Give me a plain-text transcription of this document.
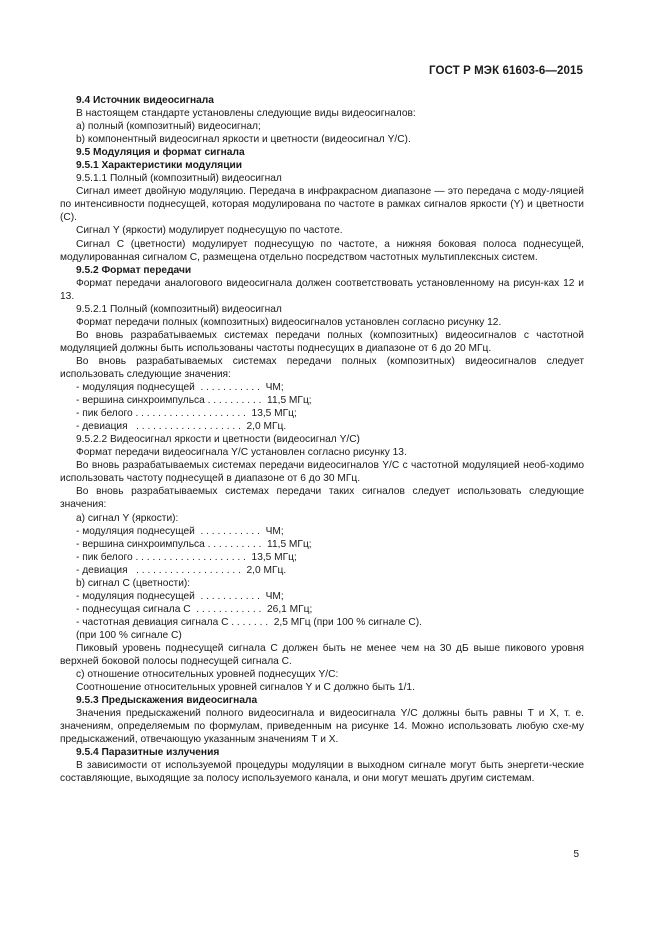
ГОСТ Р МЭК 61603-6—2015

9.4 Источник видеосигнала

В настоящем стандарте установлены следующие виды видеосигналов:

а) полный (композитный) видеосигнал;

b) компонентный видеосигнал яркости и цветности (видеосигнал Y/C).

9.5 Модуляция и формат сигнала

9.5.1 Характеристики модуляции

9.5.1.1 Полный (композитный) видеосигнал

Сигнал имеет двойную модуляцию. Передача в инфракрасном диапазоне — это передача с моду-ляцией по интенсивности поднесущей, которая модулирована по частоте в рамках сигналов яркости (Y) и цветности (C).

Сигнал Y (яркости) модулирует поднесущую по частоте.

Сигнал C (цветности) модулирует поднесущую по частоте, а нижняя боковая полоса поднесущей, модулированная сигналом C, размещена отдельно посредством частотных мультиплексных систем.

9.5.2 Формат передачи

Формат передачи аналогового видеосигнала должен соответствовать установленному на рисун-ках 12 и 13.

9.5.2.1 Полный (композитный) видеосигнал

Формат передачи полных (композитных) видеосигналов установлен согласно рисунку 12.

Во вновь разрабатываемых системах передачи полных (композитных) видеосигналов с частотной модуляцией должны быть использованы частоты поднесущих в диапазоне от 6 до 20 МГц.

Во вновь разрабатываемых системах передачи полных (композитных) видеосигналов следует использовать следующие значения:

- модуляция поднесущей  . . . . . . . . . . .  ЧМ;

- вершина синхроимпульса . . . . . . . . . .  11,5 МГц;

- пик белого . . . . . . . . . . . . . . . . . . . .  13,5 МГц;

- девиация   . . . . . . . . . . . . . . . . . . .  2,0 МГц.

9.5.2.2 Видеосигнал яркости и цветности (видеосигнал Y/C)

Формат передачи видеосигнала Y/C установлен согласно рисунку 13.

Во вновь разрабатываемых системах передачи видеосигналов Y/C с частотной модуляцией необ-ходимо использовать частоту поднесущей в диапазоне от 6 до 30 МГц.

Во вновь разрабатываемых системах передачи таких сигналов следует использовать следующие значения:

а) сигнал Y (яркости):

- модуляция поднесущей  . . . . . . . . . . .  ЧМ;

- вершина синхроимпульса . . . . . . . . . .  11,5 МГц;

- пик белого . . . . . . . . . . . . . . . . . . . .  13,5 МГц;

- девиация   . . . . . . . . . . . . . . . . . . .  2,0 МГц.

b) сигнал C (цветности):

- модуляция поднесущей  . . . . . . . . . . .  ЧМ;

- поднесущая сигнала C  . . . . . . . . . . . .  26,1 МГц;

- частотная девиация сигнала C . . . . . . .  2,5 МГц (при 100 % сигнале C).

(при 100 % сигнале C)

Пиковый уровень поднесущей сигнала C должен быть не менее чем на 30 дБ выше пикового уровня верхней боковой полосы поднесущей сигнала C.

с) отношение относительных уровней поднесущих Y/C:

Соотношение относительных уровней сигналов Y и C должно быть 1/1.

9.5.3 Предыскажения видеосигнала

Значения предыскажений полного видеосигнала и видеосигнала Y/C должны быть равны T и X, т. е. значениям, определяемым по формулам, приведенным на рисунке 14. Можно использовать любую схе-му предыскажений, отвечающую указанным значениям T и X.

9.5.4 Паразитные излучения

В зависимости от используемой процедуры модуляции в выходном сигнале могут быть энергети-ческие составляющие, выходящие за полосу используемого канала, и они могут мешать другим системам.

5
